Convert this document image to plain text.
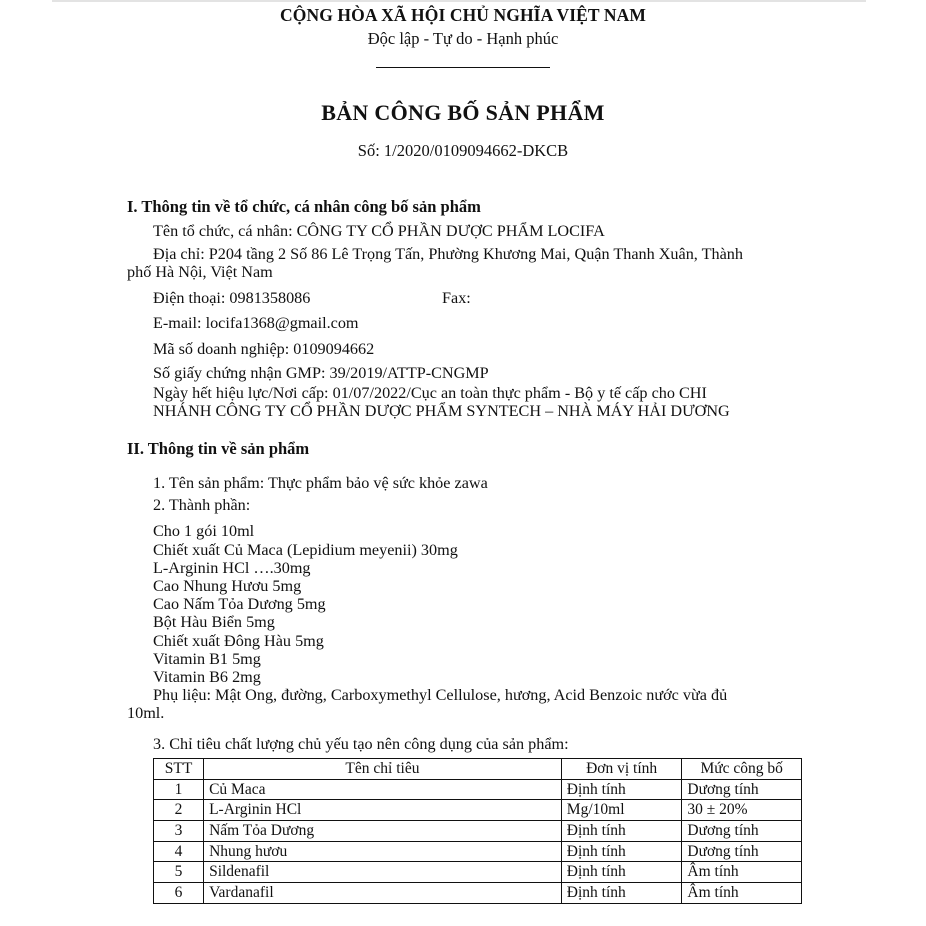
CỘNG HÒA XÃ HỘI CHỦ NGHĨA VIỆT NAM
Độc lập - Tự do - Hạnh phúc
BẢN CÔNG BỐ SẢN PHẨM
Số: 1/2020/0109094662-DKCB
I. Thông tin về tổ chức, cá nhân công bố sản phẩm
Tên tổ chức, cá nhân: CÔNG TY CỔ PHẦN DƯỢC PHẨM LOCIFA
Địa chỉ: P204 tầng 2 Số 86 Lê Trọng Tấn, Phường Khương Mai, Quận Thanh Xuân, Thành
phố Hà Nội, Việt Nam
Điện thoại: 0981358086	Fax:
E-mail: locifa1368@gmail.com
Mã số doanh nghiệp: 0109094662
Số giấy chứng nhận GMP: 39/2019/ATTP-CNGMP
Ngày hết hiệu lực/Nơi cấp: 01/07/2022/Cục an toàn thực phẩm - Bộ y tế cấp cho CHI
NHÁNH CÔNG TY CỔ PHẦN DƯỢC PHẨM SYNTECH – NHÀ MÁY HẢI DƯƠNG
II. Thông tin về sản phẩm
1. Tên sản phẩm: Thực phẩm bảo vệ sức khỏe zawa
2. Thành phần:
Cho 1 gói 10ml
Chiết xuất Củ Maca (Lepidium meyenii) 30mg
L-Arginin HCl ….30mg
Cao Nhung Hươu 5mg
Cao Nấm Tỏa Dương 5mg
Bột Hàu Biển 5mg
Chiết xuất Đông Hàu 5mg
Vitamin B1 5mg
Vitamin B6 2mg
Phụ liệu: Mật Ong, đường, Carboxymethyl Cellulose, hương, Acid Benzoic nước vừa đủ
10ml.
3. Chỉ tiêu chất lượng chủ yếu tạo nên công dụng của sản phẩm:
STT	Tên chỉ tiêu	Đơn vị tính	Mức công bố
1	Củ Maca	Định tính	Dương tính
2	L-Arginin HCl	Mg/10ml	30 ± 20%
3	Nấm Tỏa Dương	Định tính	Dương tính
4	Nhung hươu	Định tính	Dương tính
5	Sildenafil	Định tính	Âm tính
6	Vardanafil	Định tính	Âm tính
